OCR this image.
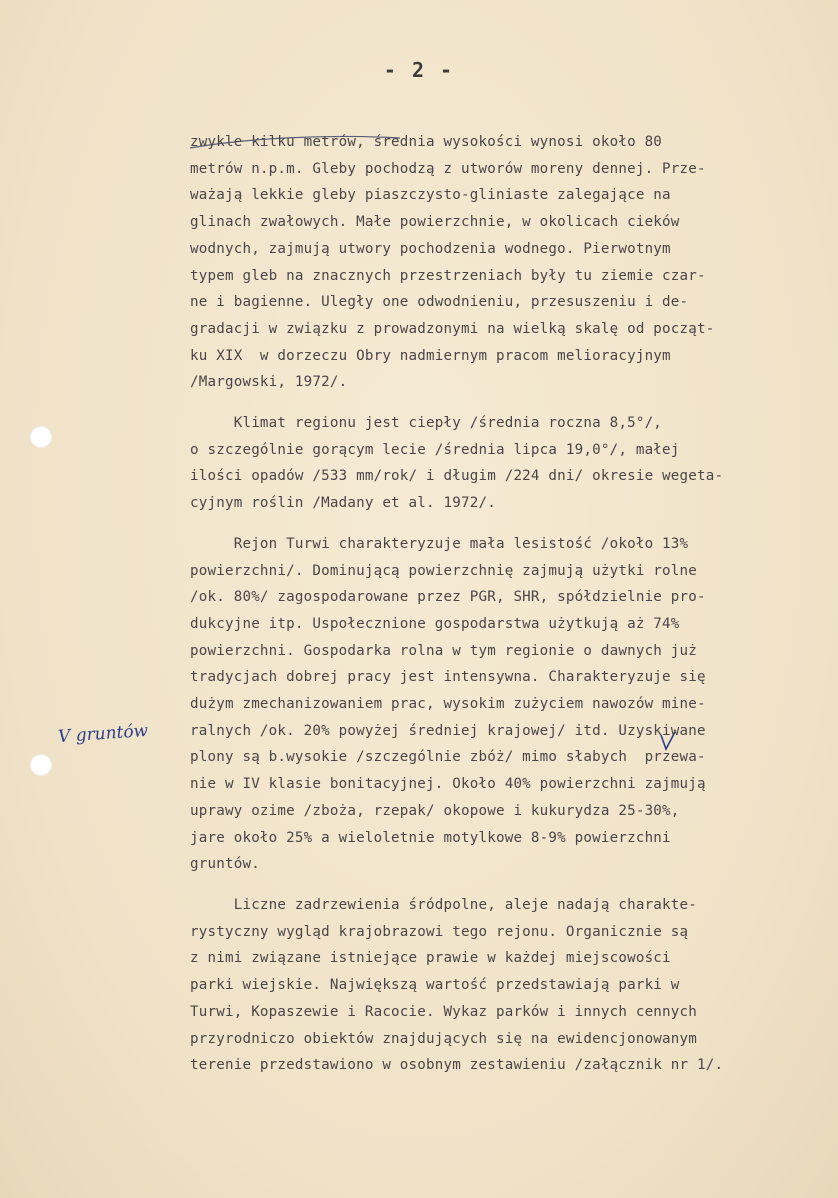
- 2 -
V gruntów
zwykle kilku metrów, średnia wysokości wynosi około 80
metrów n.p.m. Gleby pochodzą z utworów moreny dennej. Prze-
ważają lekkie gleby piaszczysto-gliniaste zalegające na
glinach zwałowych. Małe powierzchnie, w okolicach cieków
wodnych, zajmują utwory pochodzenia wodnego. Pierwotnym
typem gleb na znacznych przestrzeniach były tu ziemie czar-
ne i bagienne. Uległy one odwodnieniu, przesuszeniu i de-
gradacji w związku z prowadzonymi na wielką skalę od począt-
ku XIX  w dorzeczu Obry nadmiernym pracom melioracyjnym
/Margowski, 1972/.
Klimat regionu jest ciepły /średnia roczna 8,5°/,
o szczególnie gorącym lecie /średnia lipca 19,0°/, małej
ilości opadów /533 mm/rok/ i długim /224 dni/ okresie wegeta-
cyjnym roślin /Madany et al. 1972/.
Rejon Turwi charakteryzuje mała lesistość /około 13%
powierzchni/. Dominującą powierzchnię zajmują użytki rolne
/ok. 80%/ zagospodarowane przez PGR, SHR, spółdzielnie pro-
dukcyjne itp. Uspołecznione gospodarstwa użytkują aż 74%
powierzchni. Gospodarka rolna w tym regionie o dawnych już
tradycjach dobrej pracy jest intensywna. Charakteryzuje się
dużym zmechanizowaniem prac, wysokim zużyciem nawozów mine-
ralnych /ok. 20% powyżej średniej krajowej/ itd. Uzyskiwane
plony są b.wysokie /szczególnie zbóż/ mimo słabych  przewa-
nie w IV klasie bonitacyjnej. Około 40% powierzchni zajmują
uprawy ozime /zboża, rzepak/ okopowe i kukurydza 25-30%,
jare około 25% a wieloletnie motylkowe 8-9% powierzchni
gruntów.
Liczne zadrzewienia śródpolne, aleje nadają charakte-
rystyczny wygląd krajobrazowi tego rejonu. Organicznie są
z nimi związane istniejące prawie w każdej miejscowości
parki wiejskie. Największą wartość przedstawiają parki w
Turwi, Kopaszewie i Racocie. Wykaz parków i innych cennych
przyrodniczo obiektów znajdujących się na ewidencjonowanym
terenie przedstawiono w osobnym zestawieniu /załącznik nr 1/.
